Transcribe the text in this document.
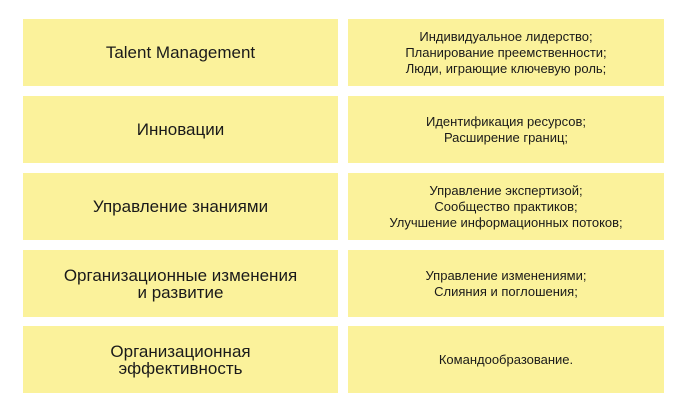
Talent Management
Индивидуальное лидерство;
Планирование преемственности;
Люди, играющие ключевую роль;
Инновации	Идентификация ресурсов;
Расширение границ;
Управление знаниями
Управление экспертизой;
Сообщество практиков;
Улучшение информационных потоков;
Организационные изменения
и развитие
Управление изменениями;
Слияния и поглошения;
Организационная
эффективность	Командообразование.
